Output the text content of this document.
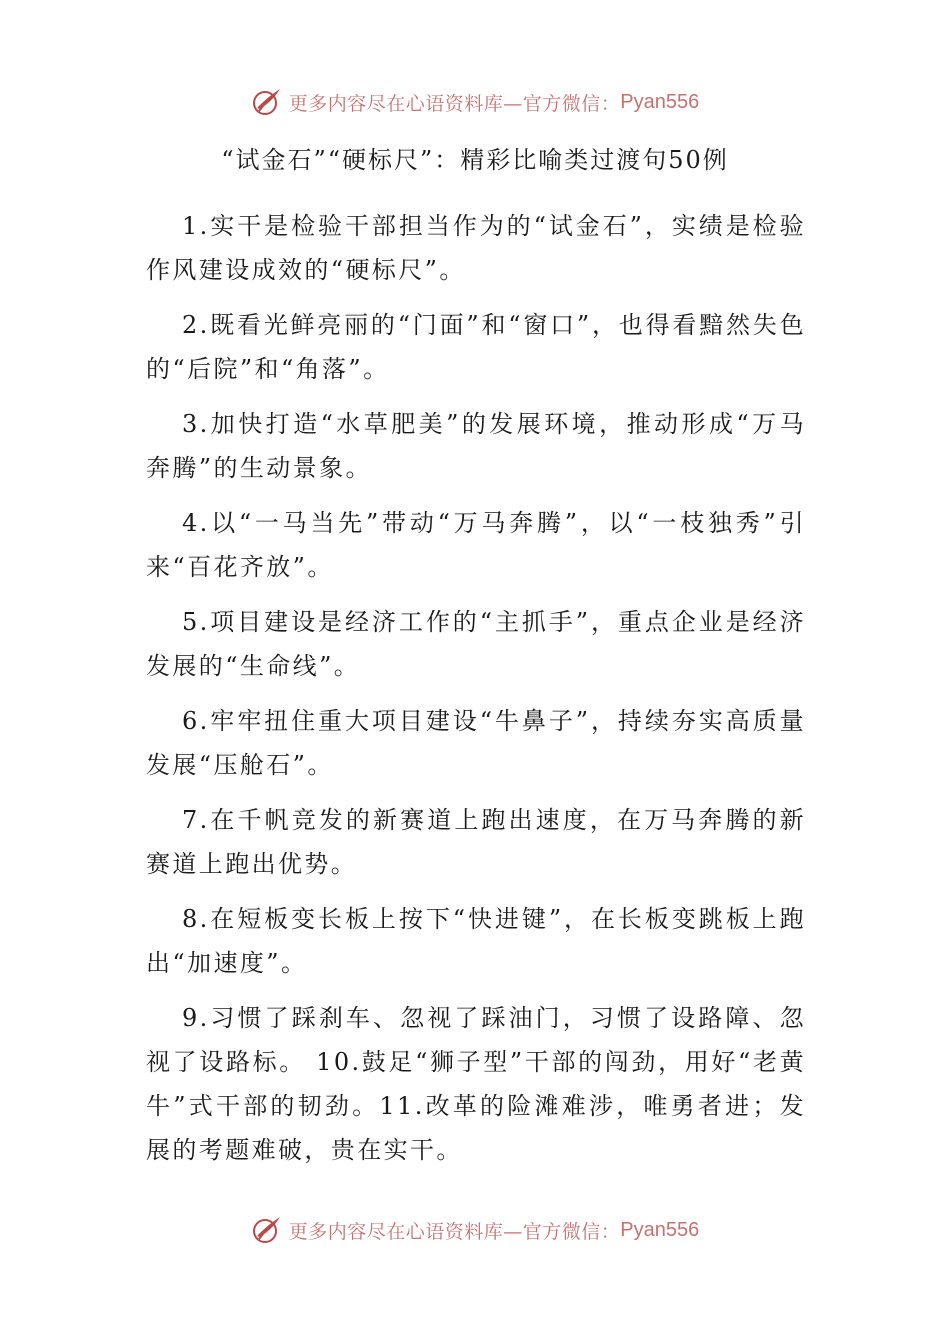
更多内容尽在心语资料库—官方微信： Pyan556
“试金石”“硬标尺”：精彩比喻类过渡句50例

1.实干是检验干部担当作为的“试金石”，实绩是检验作风建设成效的“硬标尺”。

2.既看光鲜亮丽的“门面”和“窗口”，也得看黯然失色的“后院”和“角落”。

3.加快打造“水草肥美”的发展环境，推动形成“万马奔腾”的生动景象。

4.以“一马当先”带动“万马奔腾”，以“一枝独秀”引来“百花齐放”。

5.项目建设是经济工作的“主抓手”，重点企业是经济发展的“生命线”。

6.牢牢扭住重大项目建设“牛鼻子”，持续夯实高质量发展“压舱石”。

7.在千帆竞发的新赛道上跑出速度，在万马奔腾的新赛道上跑出优势。

8.在短板变长板上按下“快进键”，在长板变跳板上跑出“加速度”。

9.习惯了踩刹车、忽视了踩油门，习惯了设路障、忽视了设路标。 10.鼓足“狮子型”干部的闯劲，用好“老黄牛”式干部的韧劲。11.改革的险滩难涉，唯勇者进；发展的考题难破，贵在实干。

更多内容尽在心语资料库—官方微信： Pyan556
